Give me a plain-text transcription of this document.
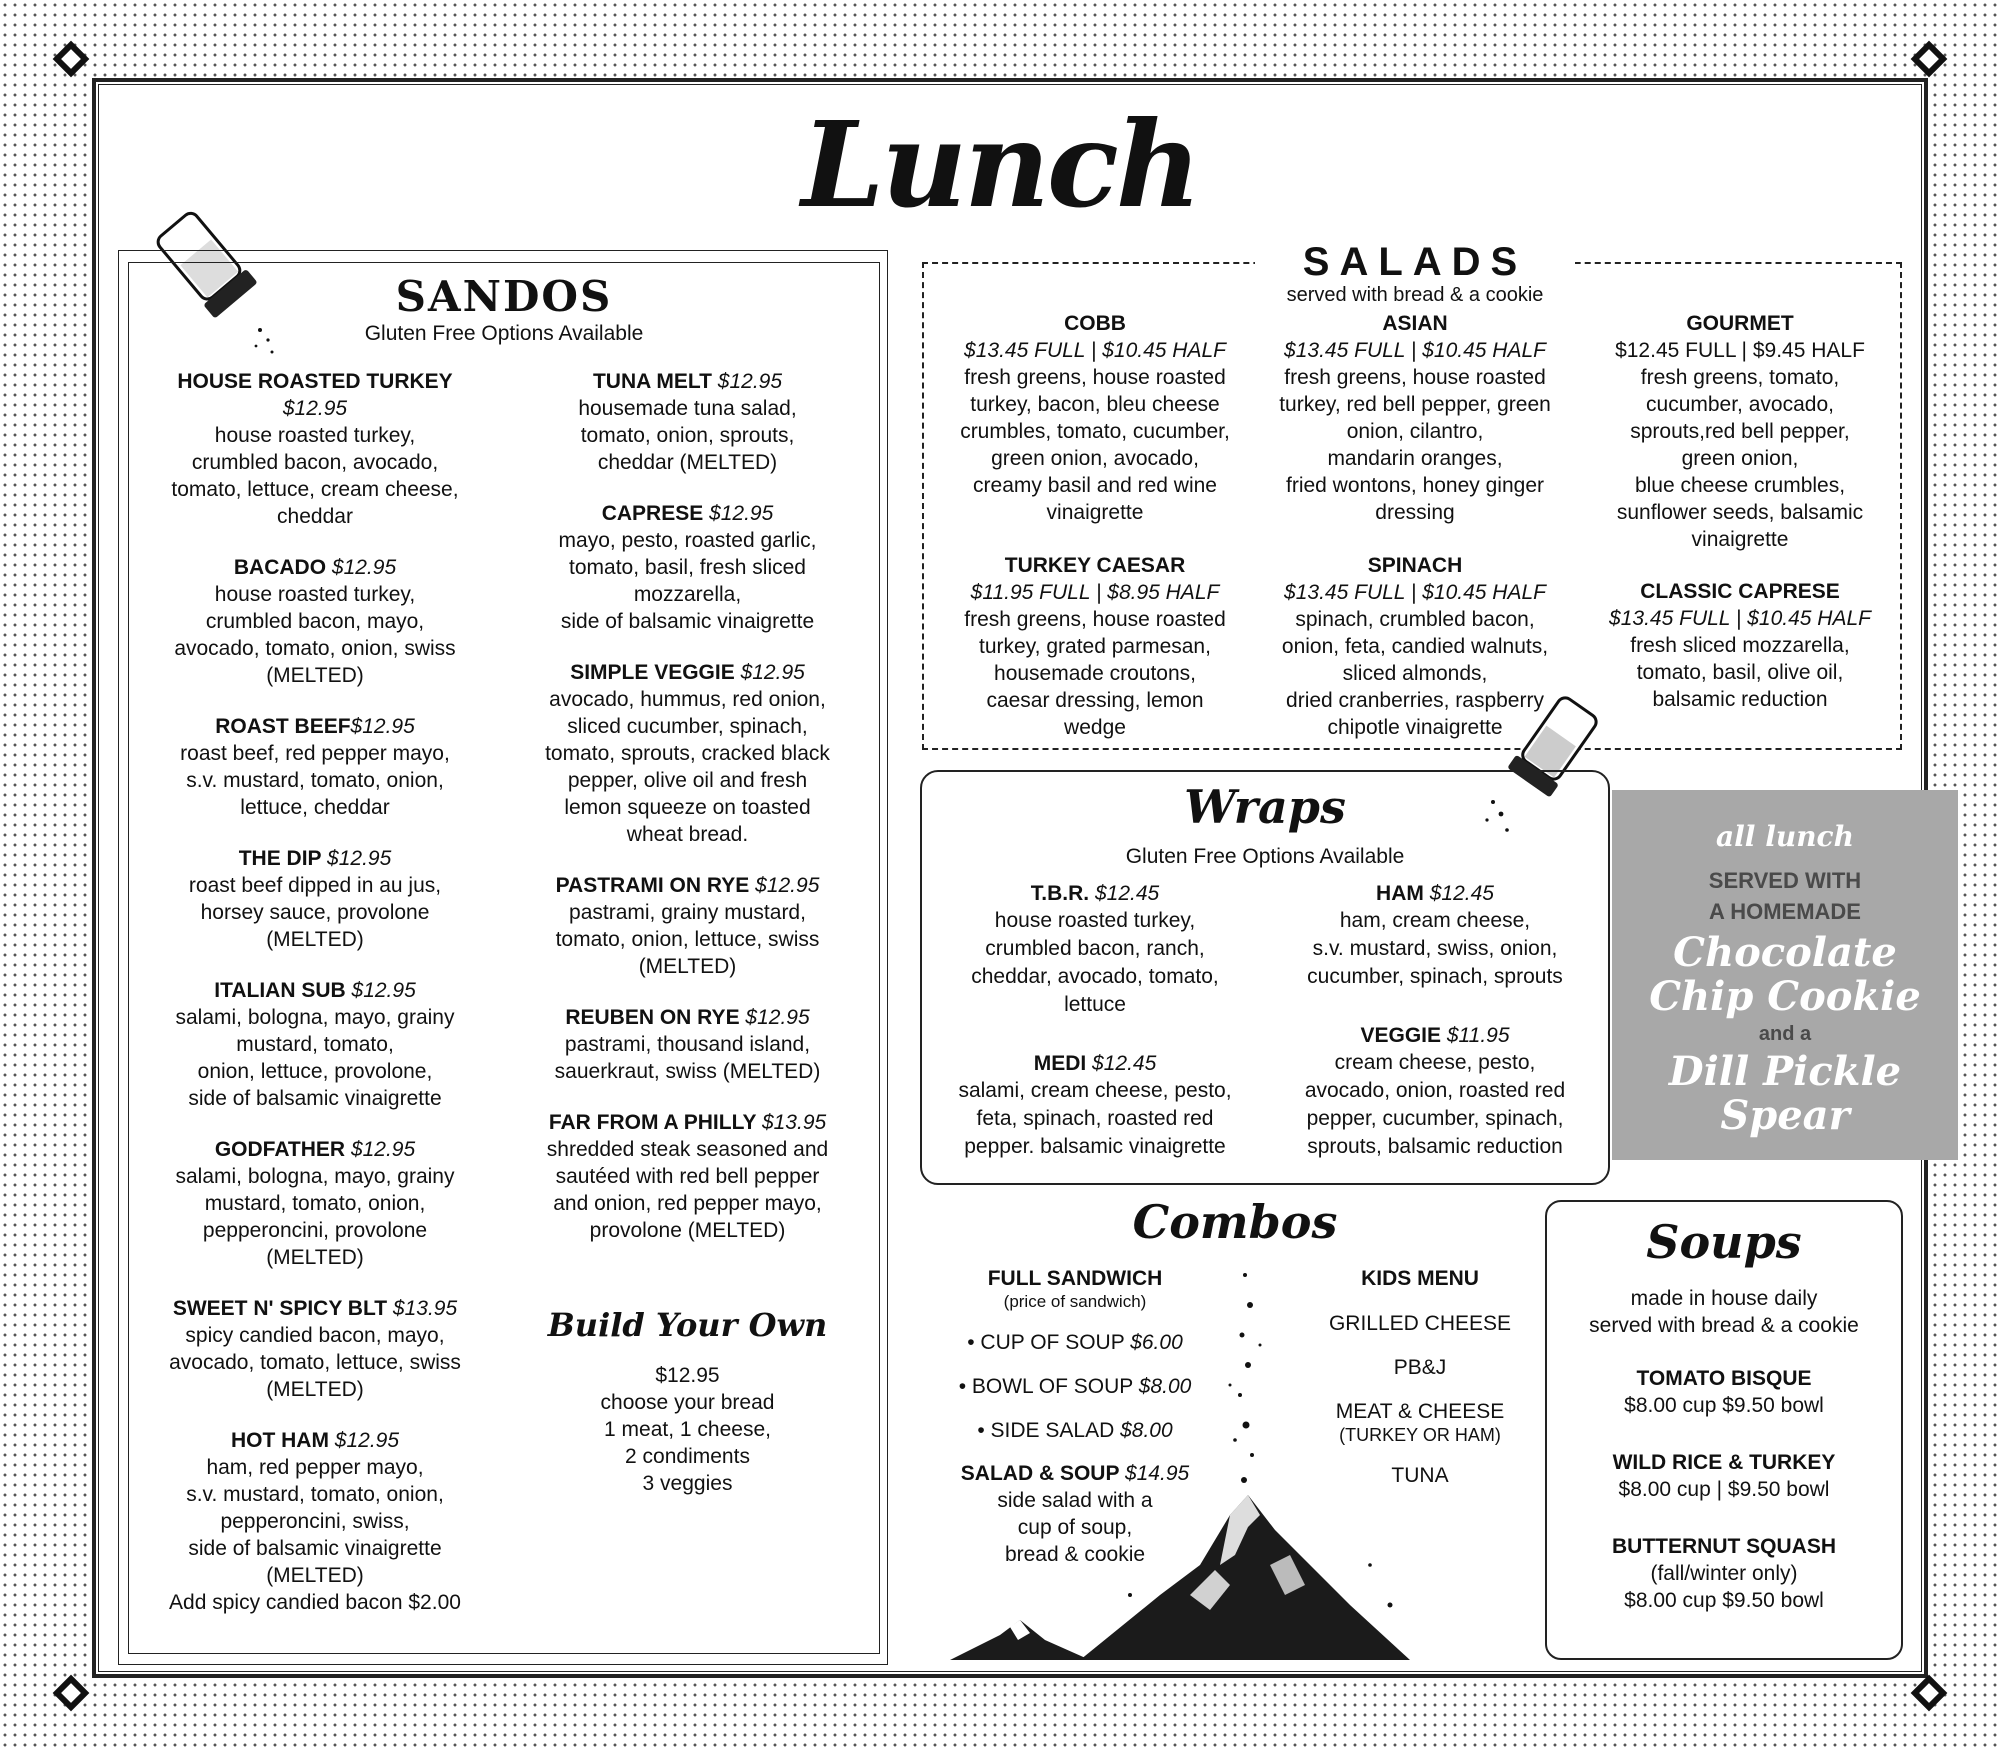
Lunch
SANDOS
Gluten Free Options Available
HOUSE ROASTED TURKEY
$12.95
house roasted turkey,
crumbled bacon, avocado,
tomato, lettuce, cream cheese,
cheddar
BACADO $12.95
house roasted turkey,
crumbled bacon, mayo,
avocado, tomato, onion, swiss
(MELTED)
ROAST BEEF$12.95
roast beef, red pepper mayo,
s.v. mustard, tomato, onion,
lettuce, cheddar
THE DIP $12.95
roast beef dipped in au jus,
horsey sauce, provolone
(MELTED)
ITALIAN SUB $12.95
salami, bologna, mayo, grainy
mustard, tomato,
onion, lettuce, provolone,
side of balsamic vinaigrette
GODFATHER $12.95
salami, bologna, mayo, grainy
mustard, tomato, onion,
pepperoncini, provolone
(MELTED)
SWEET N' SPICY BLT $13.95
spicy candied bacon, mayo,
avocado, tomato, lettuce, swiss
(MELTED)
HOT HAM $12.95
ham, red pepper mayo,
s.v. mustard, tomato, onion,
pepperoncini, swiss,
side of balsamic vinaigrette
(MELTED)
Add spicy candied bacon $2.00
TUNA MELT $12.95
housemade tuna salad,
tomato, onion, sprouts,
cheddar (MELTED)
CAPRESE $12.95
mayo, pesto, roasted garlic,
tomato, basil, fresh sliced
mozzarella,
side of balsamic vinaigrette
SIMPLE VEGGIE $12.95
avocado, hummus, red onion,
sliced cucumber, spinach,
tomato, sprouts, cracked black
pepper, olive oil and fresh
lemon squeeze on toasted
wheat bread.
PASTRAMI ON RYE $12.95
pastrami, grainy mustard,
tomato, onion, lettuce, swiss
(MELTED)
REUBEN ON RYE $12.95
pastrami, thousand island,
sauerkraut, swiss (MELTED)
FAR FROM A PHILLY $13.95
shredded steak seasoned and
sautéed with red bell pepper
and onion, red pepper mayo,
provolone (MELTED)
Build Your Own
$12.95
choose your bread
1 meat, 1 cheese,
2 condiments
3 veggies
SALADS
served with bread & a cookie
COBB
$13.45 FULL | $10.45 HALF
fresh greens, house roasted
turkey, bacon, bleu cheese
crumbles, tomato, cucumber,
green onion, avocado,
creamy basil and red wine
vinaigrette
ASIAN
$13.45 FULL | $10.45 HALF
fresh greens, house roasted
turkey, red bell pepper, green
onion, cilantro,
mandarin oranges,
fried wontons, honey ginger
dressing
GOURMET
$12.45 FULL | $9.45 HALF
fresh greens, tomato,
cucumber, avocado,
sprouts,red bell pepper,
green onion,
blue cheese crumbles,
sunflower seeds, balsamic
vinaigrette
TURKEY CAESAR
$11.95 FULL | $8.95 HALF
fresh greens, house roasted
turkey, grated parmesan,
housemade croutons,
caesar dressing, lemon
wedge
SPINACH
$13.45 FULL | $10.45 HALF
spinach, crumbled bacon,
onion, feta, candied walnuts,
sliced almonds,
dried cranberries, raspberry
chipotle vinaigrette
CLASSIC CAPRESE
$13.45 FULL | $10.45 HALF
fresh sliced mozzarella,
tomato, basil, olive oil,
balsamic reduction
Wraps
Gluten Free Options Available
T.B.R. $12.45
house roasted turkey,
crumbled bacon, ranch,
cheddar, avocado, tomato,
lettuce
HAM $12.45
ham, cream cheese,
s.v. mustard, swiss, onion,
cucumber, spinach, sprouts
MEDI $12.45
salami, cream cheese, pesto,
feta, spinach, roasted red
pepper. balsamic vinaigrette
VEGGIE $11.95
cream cheese, pesto,
avocado, onion, roasted red
pepper, cucumber, spinach,
sprouts, balsamic reduction
all lunch
SERVED WITH
A HOMEMADE
Chocolate
Chip Cookie
and a
Dill Pickle
Spear
Combos
FULL SANDWICH
(price of sandwich)
• CUP OF SOUP $6.00
• BOWL OF SOUP $8.00
• SIDE SALAD $8.00
SALAD & SOUP $14.95
side salad with a
cup of soup,
bread & cookie
KIDS MENU
GRILLED CHEESE
PB&J
MEAT & CHEESE
(TURKEY OR HAM)
TUNA
Soups
made in house daily
served with bread & a cookie
TOMATO BISQUE
$8.00 cup $9.50 bowl
WILD RICE & TURKEY
$8.00 cup | $9.50 bowl
BUTTERNUT SQUASH
(fall/winter only)
$8.00 cup $9.50 bowl
